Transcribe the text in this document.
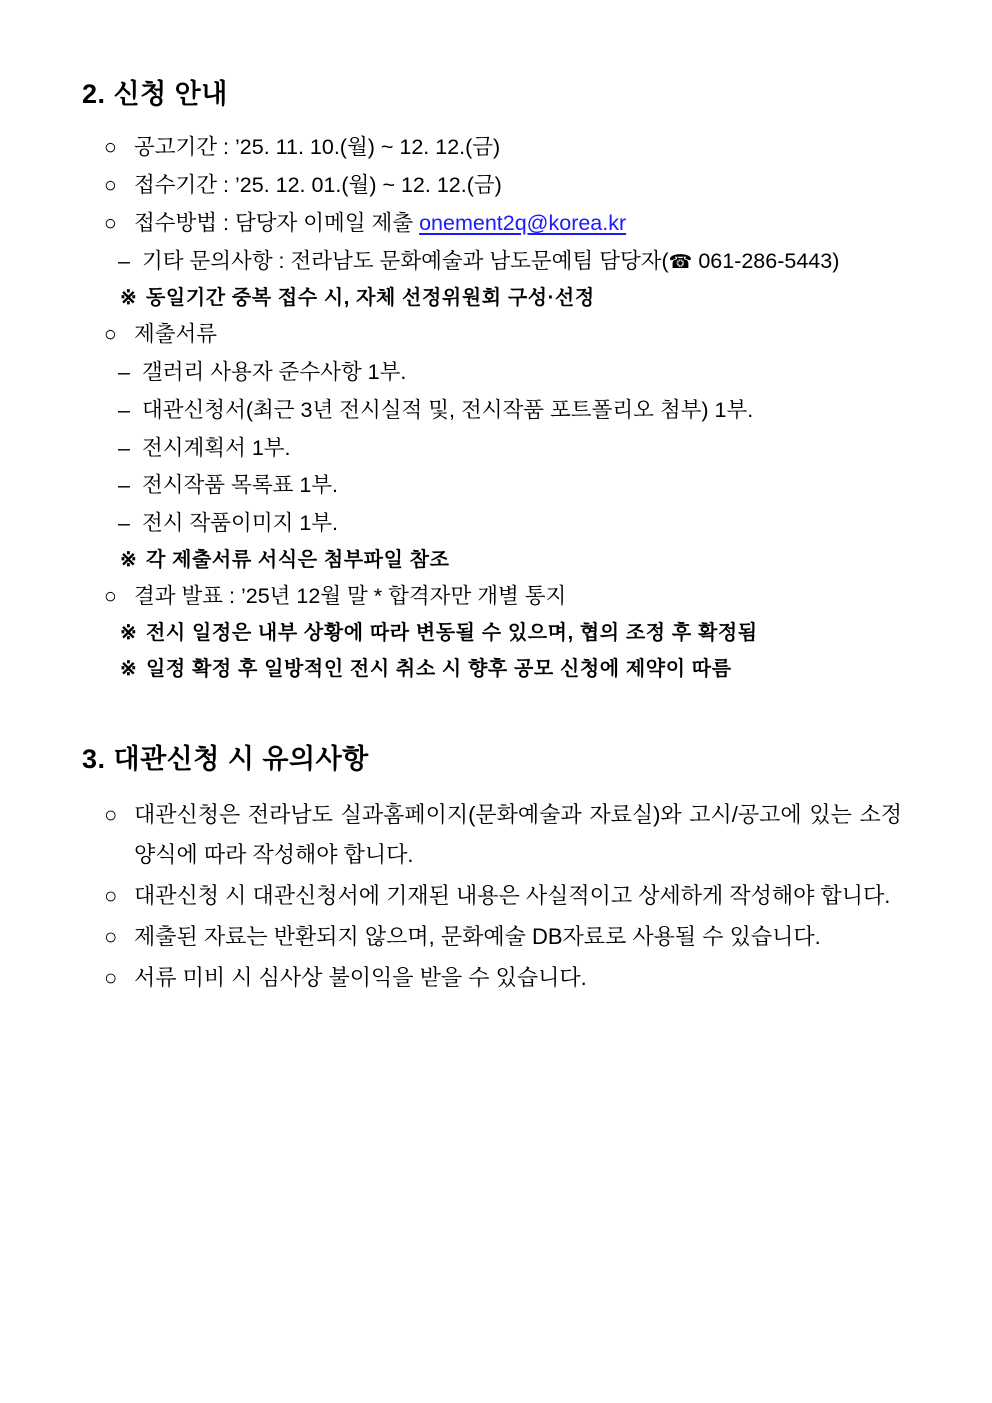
2. 신청 안내
○ 공고기간 : ’25. 11. 10.(월) ~ 12. 12.(금)
○ 접수기간 : ’25. 12. 01.(월) ~ 12. 12.(금)
○ 접수방법 : 담당자 이메일 제출 onement2q@korea.kr
– 기타 문의사항 : 전라남도 문화예술과 남도문예팀 담당자(☎ 061-286-5443)
※ 동일기간 중복 접수 시, 자체 선정위원회 구성·선정
○ 제출서류
– 갤러리 사용자 준수사항 1부.
– 대관신청서(최근 3년 전시실적 및, 전시작품 포트폴리오 첨부) 1부.
– 전시계획서 1부.
– 전시작품 목록표 1부.
– 전시 작품이미지 1부.
※ 각 제출서류 서식은 첨부파일 참조
○ 결과 발표 : ’25년 12월 말 * 합격자만 개별 통지
※ 전시 일정은 내부 상황에 따라 변동될 수 있으며, 협의 조정 후 확정됨
※ 일정 확정 후 일방적인 전시 취소 시 향후 공모 신청에 제약이 따름
3. 대관신청 시 유의사항
○ 대관신청은 전라남도 실과홈페이지(문화예술과 자료실)와 고시/공고에 있는 소정양식에 따라 작성해야 합니다.
○ 대관신청 시 대관신청서에 기재된 내용은 사실적이고 상세하게 작성해야 합니다.
○ 제출된 자료는 반환되지 않으며, 문화예술 DB자료로 사용될 수 있습니다.
○ 서류 미비 시 심사상 불이익을 받을 수 있습니다.
